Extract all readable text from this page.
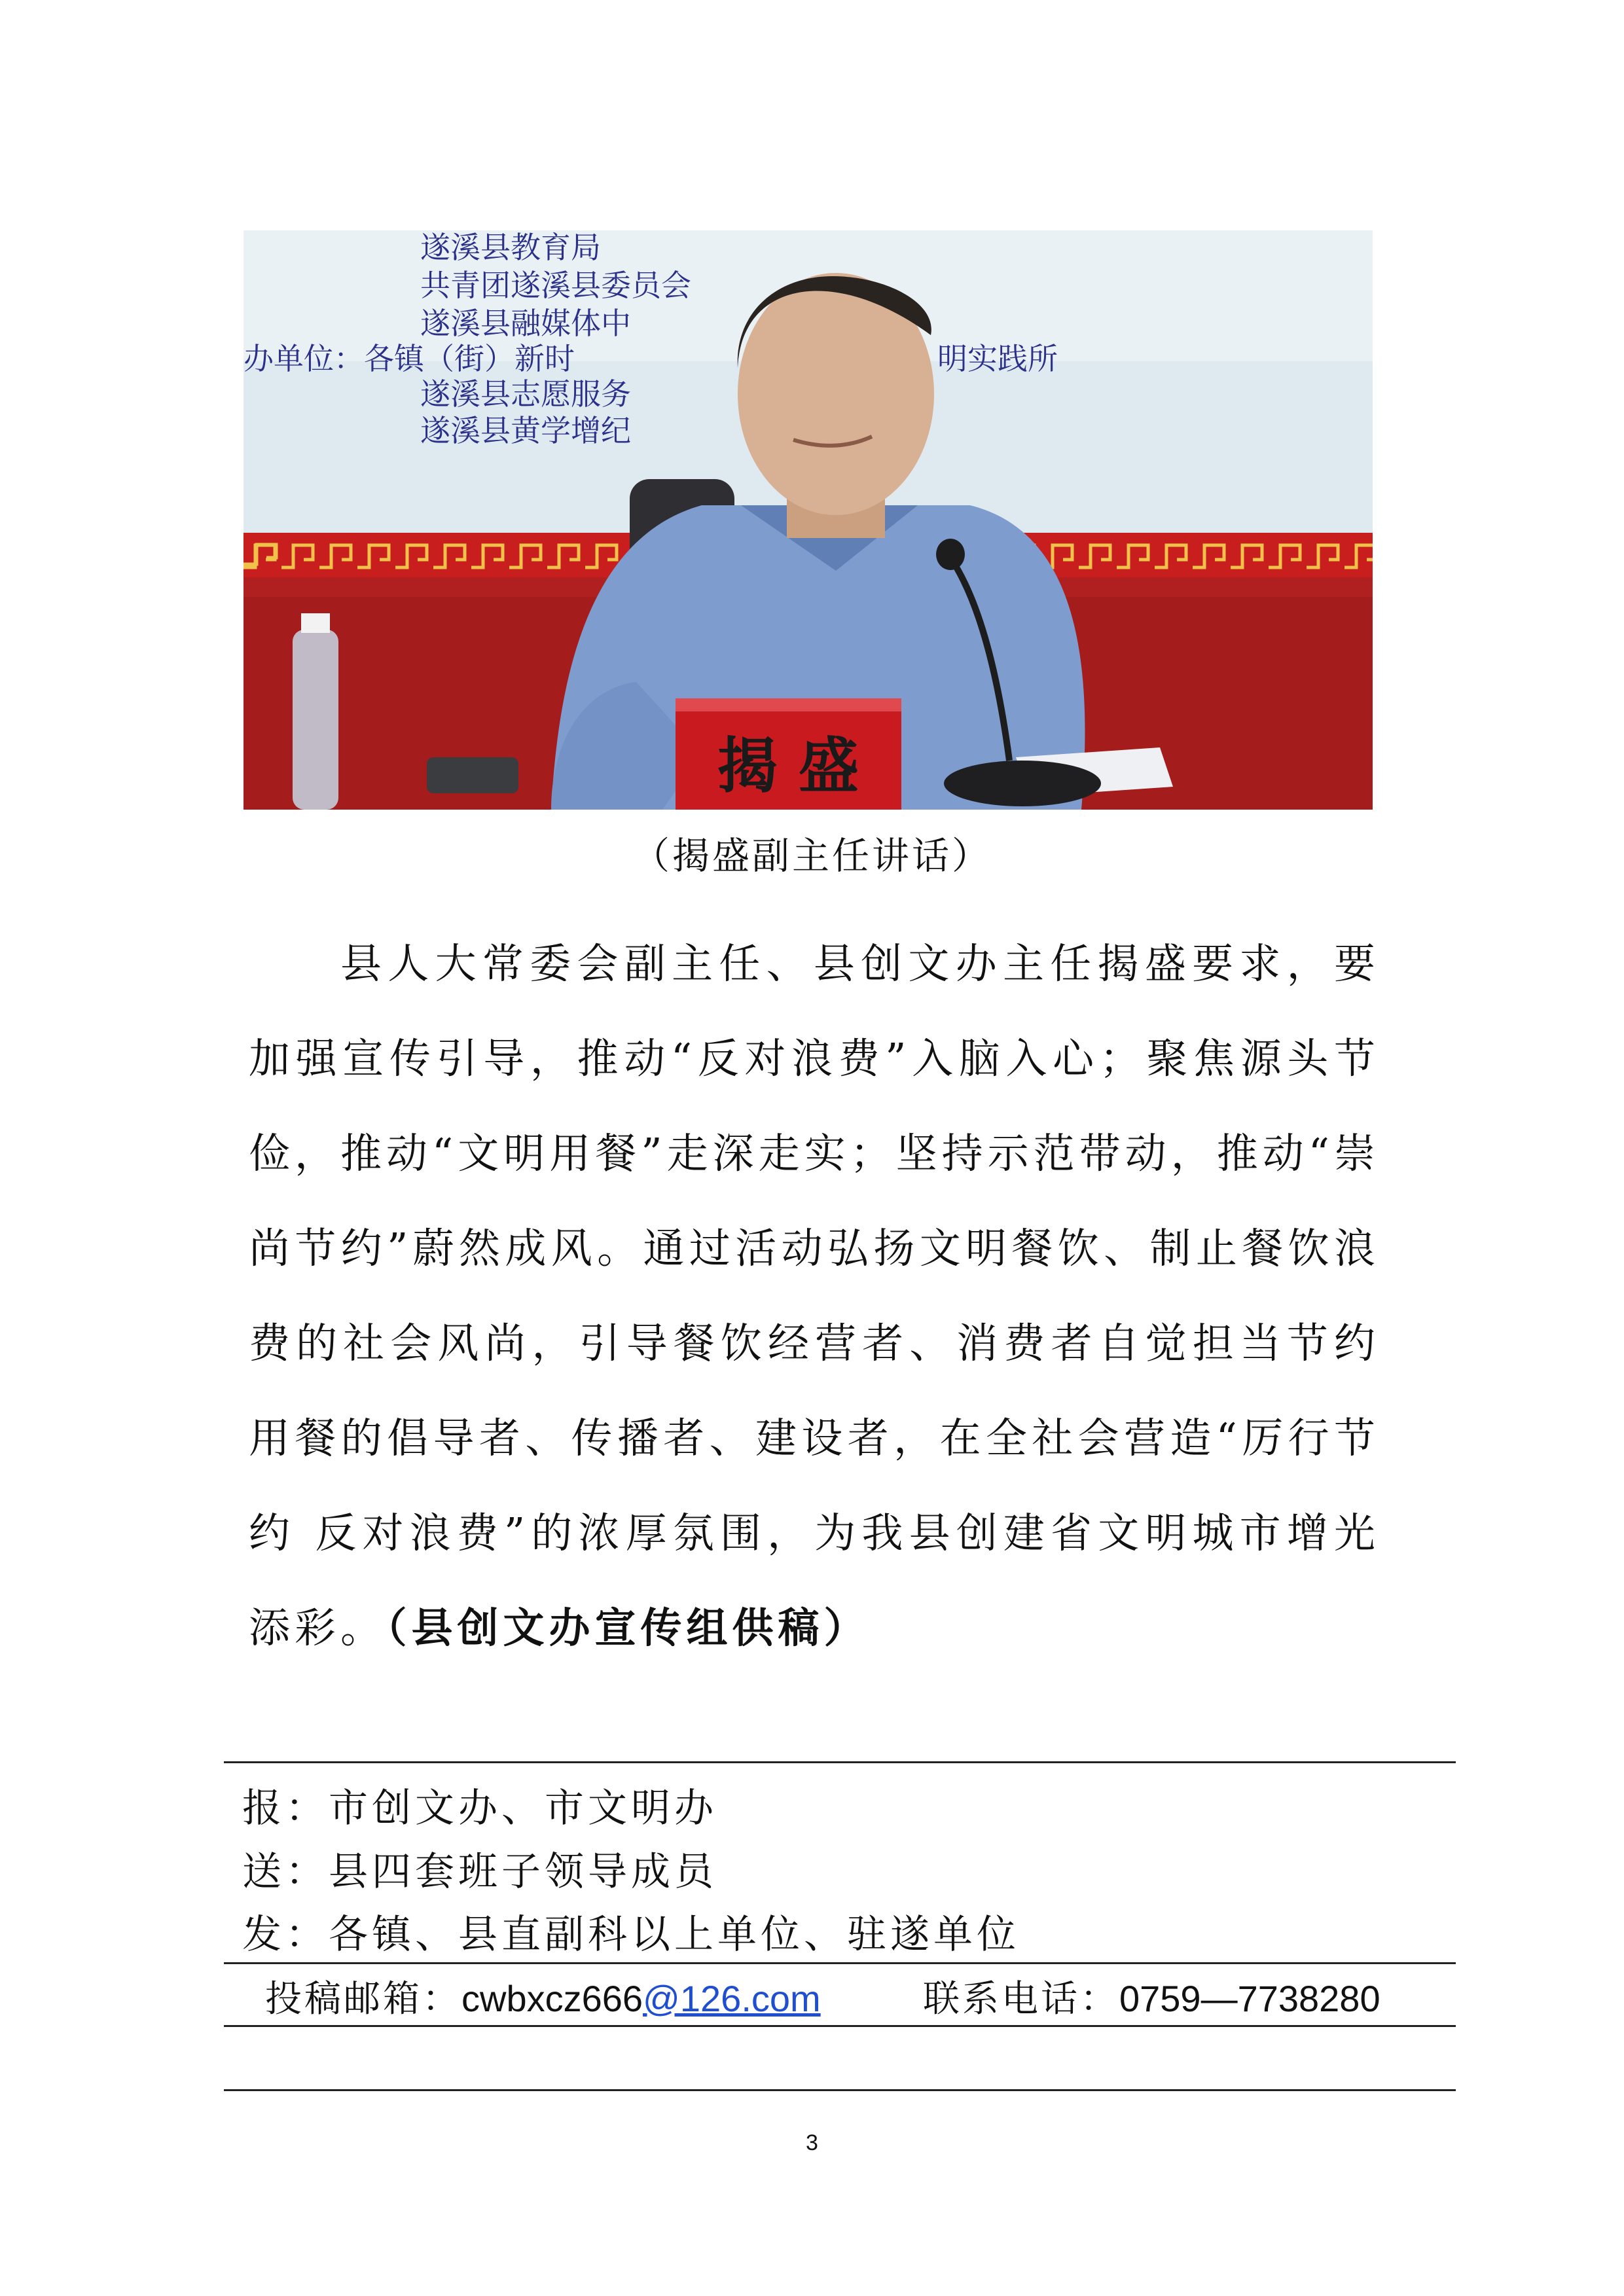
遂溪县教育局
共青团遂溪县委员会
遂溪县融媒体中
办单位：各镇（街）新时	明实践所
遂溪县志愿服务
遂溪县黄学增纪
揭 盛
（揭盛副主任讲话）
县人大常委会副主任、县创文办主任揭盛要求，要加强宣传引导，推动“反对浪费”入脑入心；聚焦源头节俭，推动“文明用餐”走深走实；坚持示范带动，推动“崇尚节约”蔚然成风。通过活动弘扬文明餐饮、制止餐饮浪费的社会风尚，引导餐饮经营者、消费者自觉担当节约用餐的倡导者、传播者、建设者，在全社会营造“厉行节约 反对浪费”的浓厚氛围，为我县创建省文明城市增光添彩。（县创文办宣传组供稿）
报：市创文办、市文明办
送：县四套班子领导成员
发：各镇、县直副科以上单位、驻遂单位
投稿邮箱：cwbxcz666@126.com	联系电话：0759—7738280
3
